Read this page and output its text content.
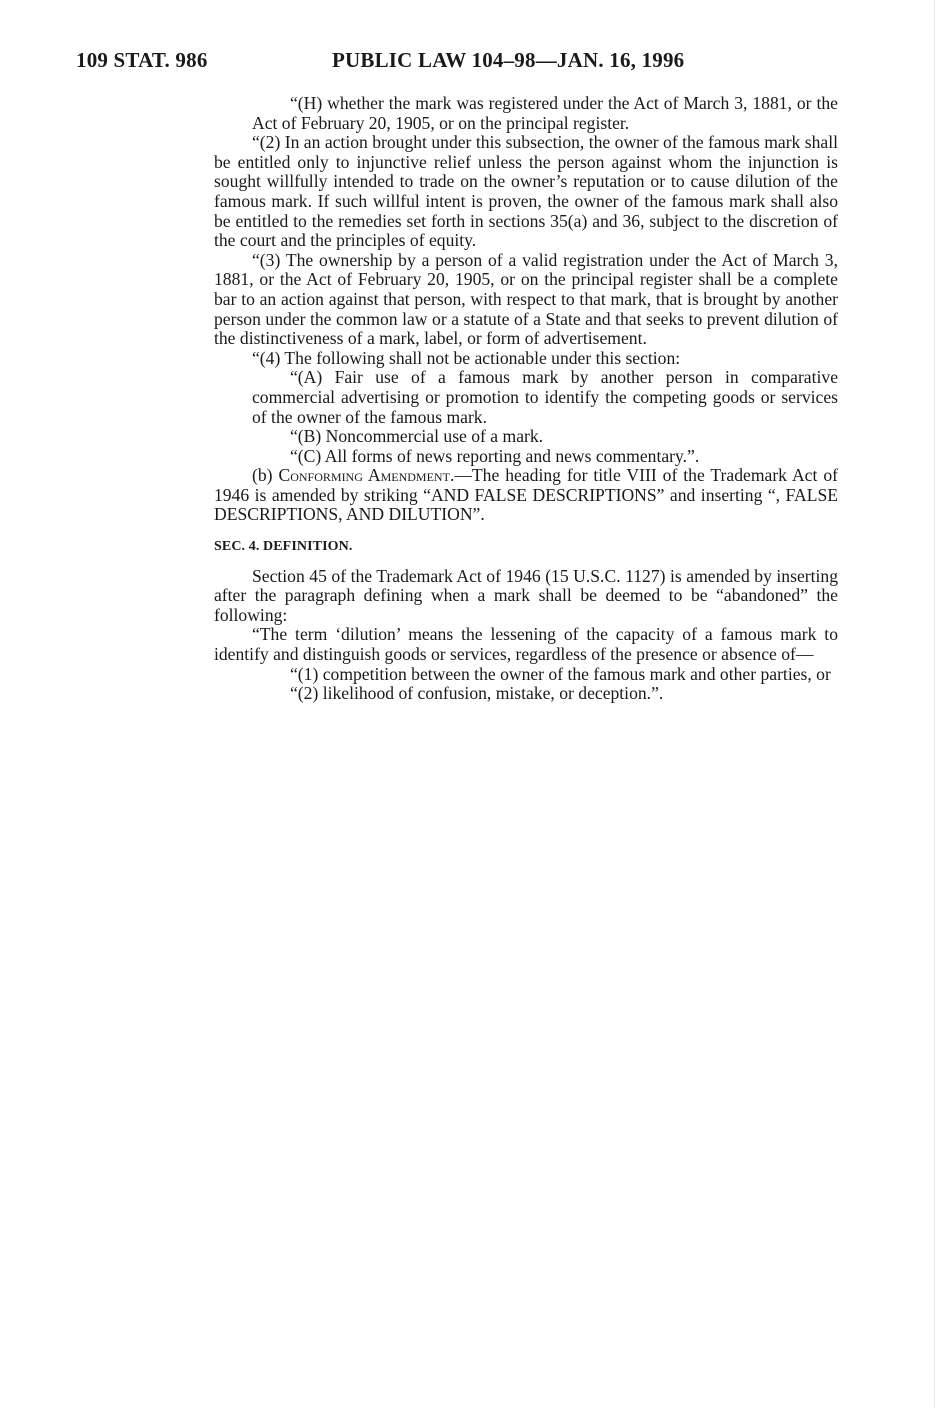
109 STAT. 986	PUBLIC LAW 104–98—JAN. 16, 1996

“(H) whether the mark was registered under the Act of March 3, 1881, or the Act of February 20, 1905, or on the principal register.

“(2) In an action brought under this subsection, the owner of the famous mark shall be entitled only to injunctive relief unless the person against whom the injunction is sought willfully intended to trade on the owner’s reputation or to cause dilution of the famous mark. If such willful intent is proven, the owner of the famous mark shall also be entitled to the remedies set forth in sections 35(a) and 36, subject to the discretion of the court and the principles of equity.

“(3) The ownership by a person of a valid registration under the Act of March 3, 1881, or the Act of February 20, 1905, or on the principal register shall be a complete bar to an action against that person, with respect to that mark, that is brought by another person under the common law or a statute of a State and that seeks to prevent dilution of the distinctiveness of a mark, label, or form of advertisement.

“(4) The following shall not be actionable under this section:

“(A) Fair use of a famous mark by another person in comparative commercial advertising or promotion to identify the competing goods or services of the owner of the famous mark.

“(B) Noncommercial use of a mark.

“(C) All forms of news reporting and news commentary.”.

(b) Conforming Amendment.—The heading for title VIII of the Trademark Act of 1946 is amended by striking “AND FALSE DESCRIPTIONS” and inserting “, FALSE DESCRIPTIONS, AND DILUTION”.

SEC. 4. DEFINITION.

Section 45 of the Trademark Act of 1946 (15 U.S.C. 1127) is amended by inserting after the paragraph defining when a mark shall be deemed to be “abandoned” the following:

“The term ‘dilution’ means the lessening of the capacity of a famous mark to identify and distinguish goods or services, regardless of the presence or absence of—

“(1) competition between the owner of the famous mark and other parties, or

“(2) likelihood of confusion, mistake, or deception.”.
